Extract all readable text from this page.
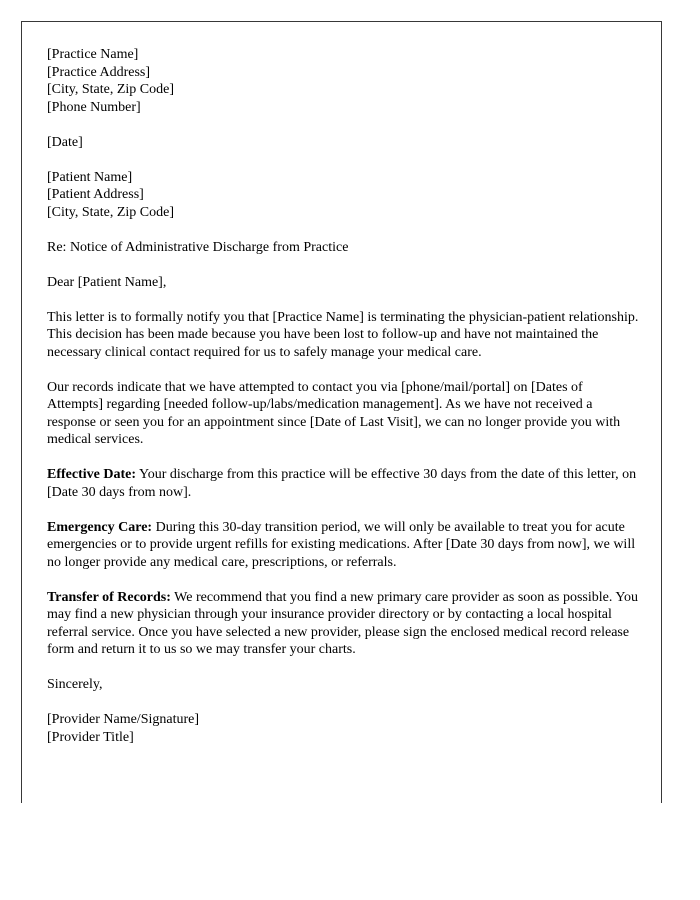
[Practice Name]
[Practice Address]
[City, State, Zip Code]
[Phone Number]
[Date]
[Patient Name]
[Patient Address]
[City, State, Zip Code]
Re: Notice of Administrative Discharge from Practice
Dear [Patient Name],

This letter is to formally notify you that [Practice Name] is terminating the physician-patient relationship. This decision has been made because you have been lost to follow-up and have not maintained the necessary clinical contact required for us to safely manage your medical care.

Our records indicate that we have attempted to contact you via [phone/mail/portal] on [Dates of Attempts] regarding [needed follow-up/labs/medication management]. As we have not received a response or seen you for an appointment since [Date of Last Visit], we can no longer provide you with medical services.

Effective Date: Your discharge from this practice will be effective 30 days from the date of this letter, on [Date 30 days from now].

Emergency Care: During this 30-day transition period, we will only be available to treat you for acute emergencies or to provide urgent refills for existing medications. After [Date 30 days from now], we will no longer provide any medical care, prescriptions, or referrals.

Transfer of Records: We recommend that you find a new primary care provider as soon as possible. You may find a new physician through your insurance provider directory or by contacting a local hospital referral service. Once you have selected a new provider, please sign the enclosed medical record release form and return it to us so we may transfer your charts.

Sincerely,
[Provider Name/Signature]
[Provider Title]
